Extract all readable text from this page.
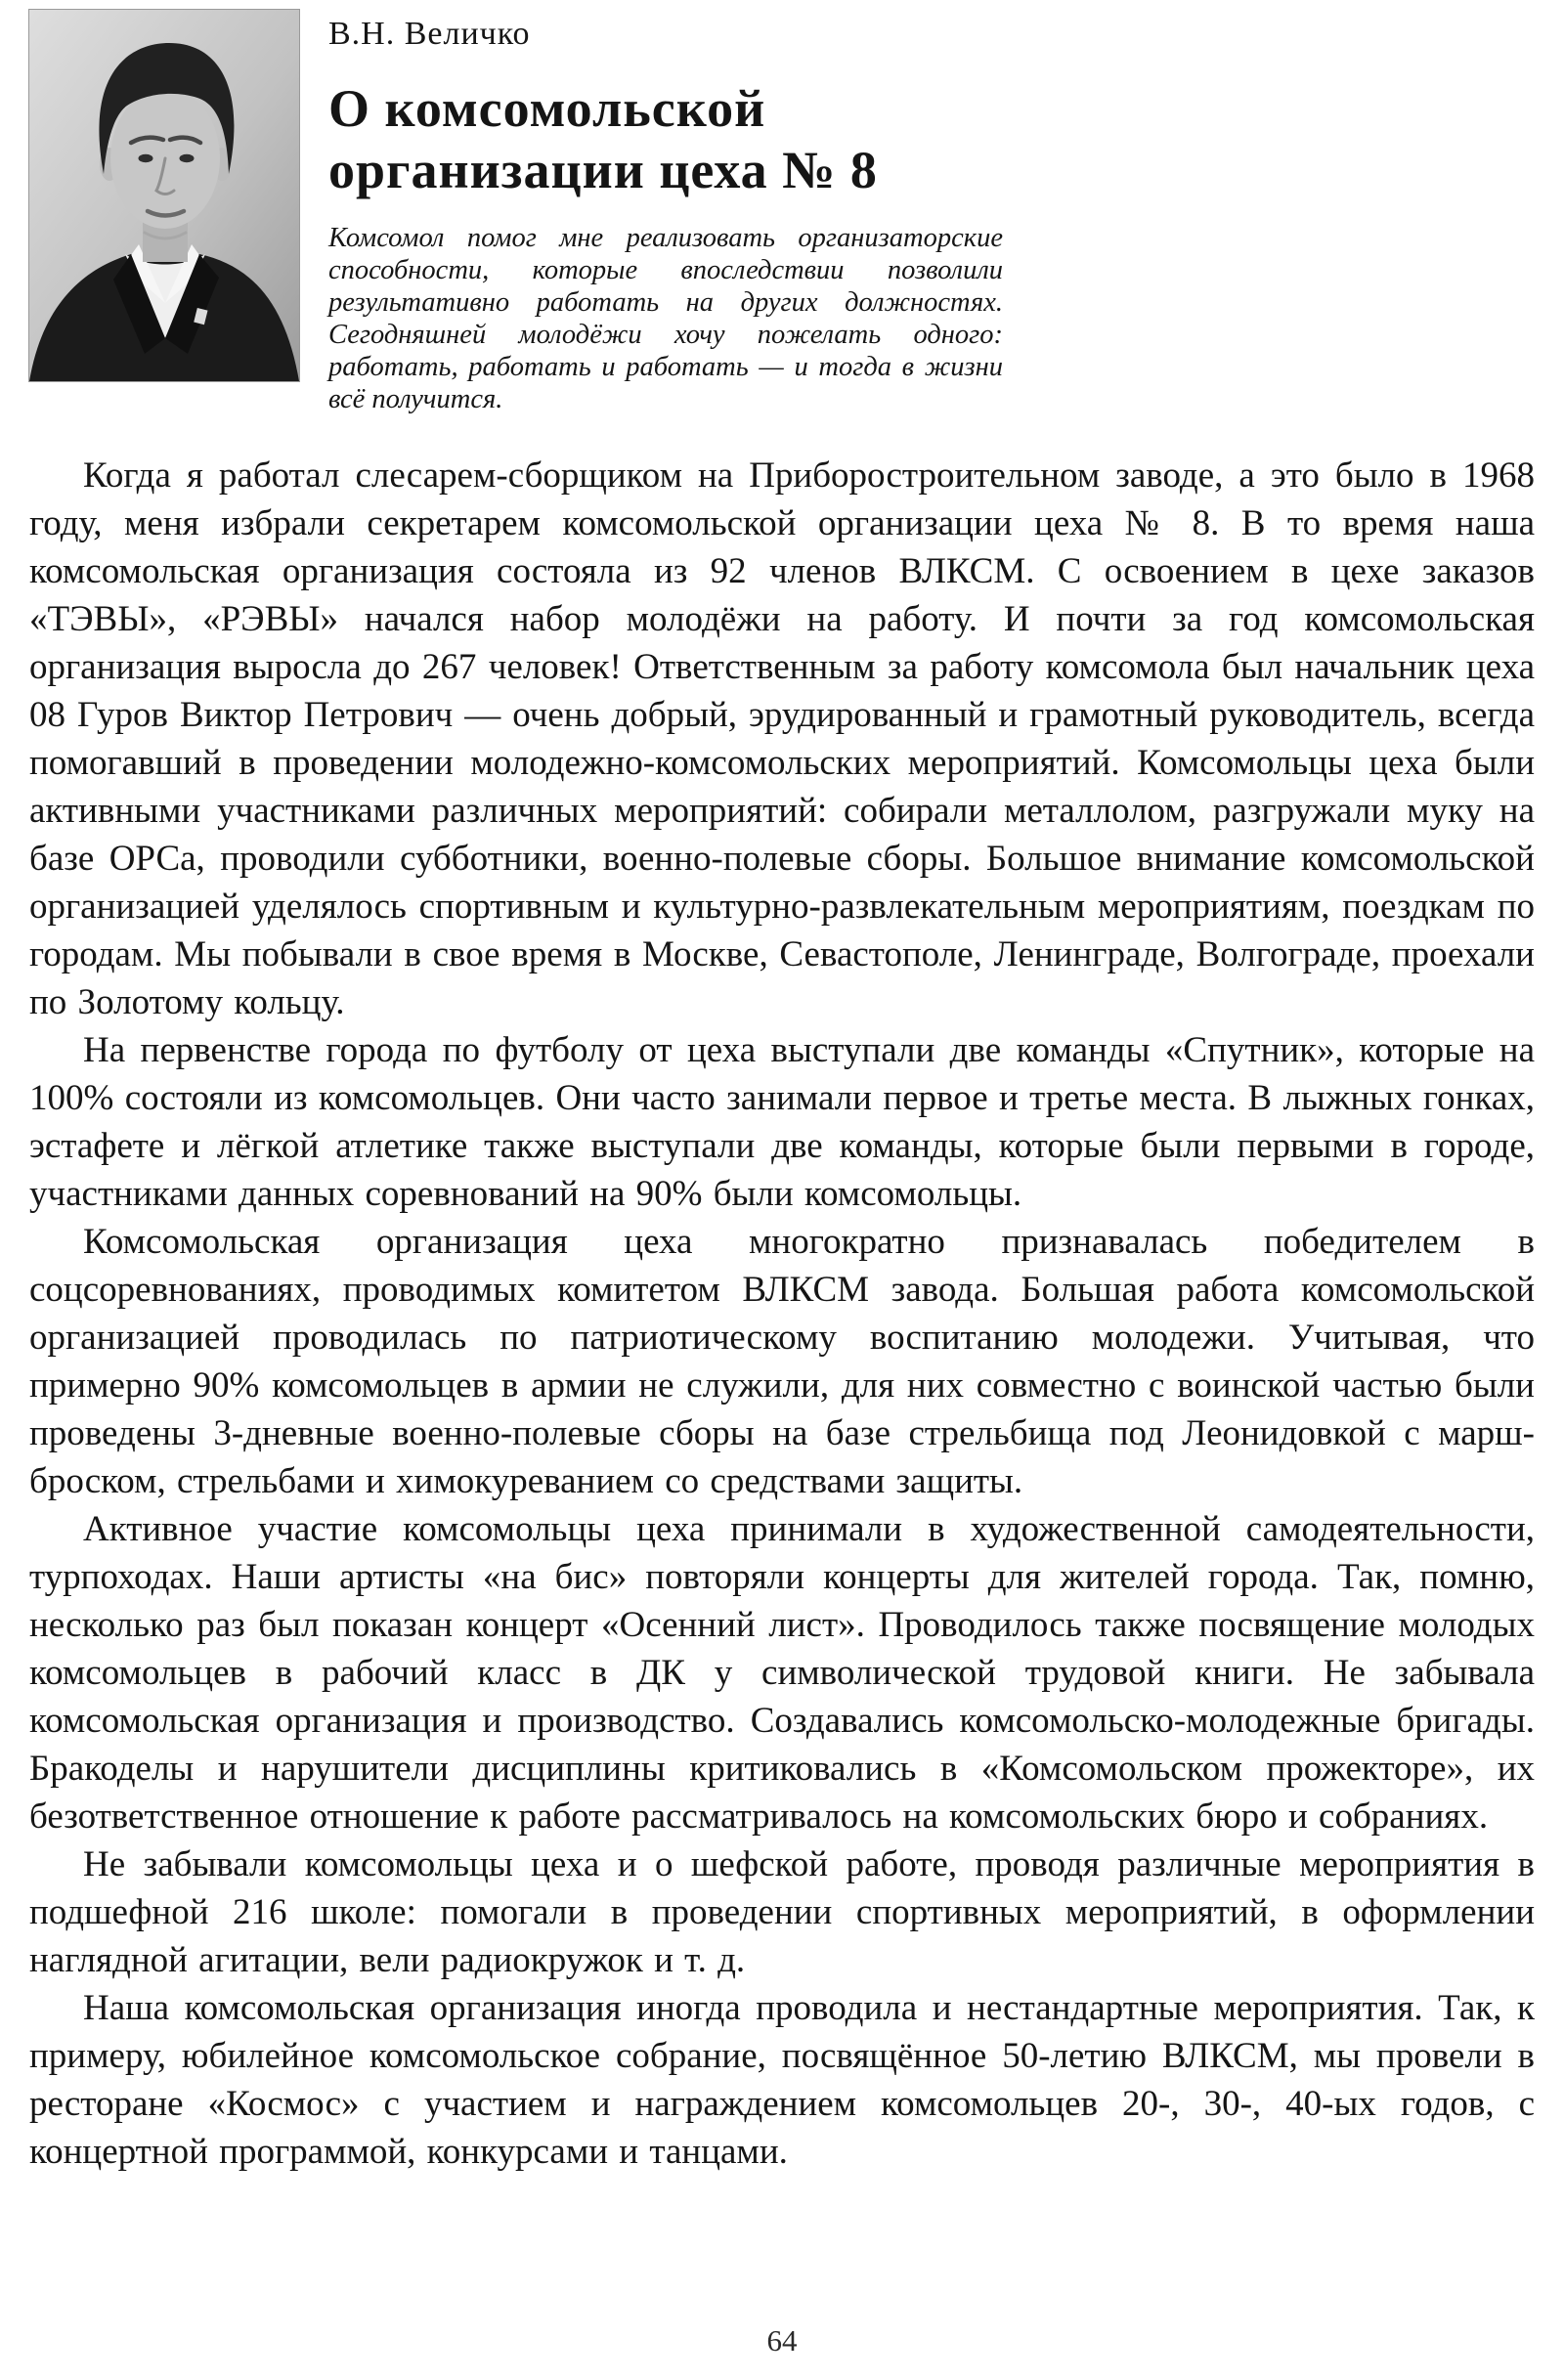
В.Н. Величко
О комсомольской
организации цеха № 8
Комсомол помог мне реализовать организаторские способности, которые впоследствии позволили результативно работать на других должностях. Сегодняшней молодёжи хочу пожелать одного: работать, работать и работать — и тогда в жизни всё получится.

Когда я работал слесарем-сборщиком на Приборостроительном заводе, а это было в 1968 году, меня избрали секретарем комсомольской организации цеха № 8. В то время наша комсомольская организация состояла из 92 членов ВЛКСМ. С освоением в цехе заказов «ТЭВЫ», «РЭВЫ» начался набор молодёжи на работу. И почти за год комсомольская организация выросла до 267 человек! Ответственным за работу комсомола был начальник цеха 08 Гуров Виктор Петрович — очень добрый, эрудированный и грамотный руководитель, всегда помогавший в проведении молодежно-комсомольских мероприятий. Комсомольцы цеха были активными участниками различных мероприятий: собирали металлолом, разгружали муку на базе ОРСа, проводили субботники, военно-полевые сборы. Большое внимание комсомольской организацией уделялось спортивным и культурно-развлекательным мероприятиям, поездкам по городам. Мы побывали в свое время в Москве, Севастополе, Ленинграде, Волгограде, проехали по Золотому кольцу.

На первенстве города по футболу от цеха выступали две команды «Спутник», которые на 100% состояли из комсомольцев. Они часто занимали первое и третье места. В лыжных гонках, эстафете и лёгкой атлетике также выступали две команды, которые были первыми в городе, участниками данных соревнований на 90% были комсомольцы.

Комсомольская организация цеха многократно признавалась победителем в соцсоревнованиях, проводимых комитетом ВЛКСМ завода. Большая работа комсомольской организацией проводилась по патриотическому воспитанию молодежи. Учитывая, что примерно 90% комсомольцев в армии не служили, для них совместно с воинской частью были проведены 3-дневные военно-полевые сборы на базе стрельбища под Леонидовкой с марш-броском, стрельбами и химокуреванием со средствами защиты.

Активное участие комсомольцы цеха принимали в художественной самодеятельности, турпоходах. Наши артисты «на бис» повторяли концерты для жителей города. Так, помню, несколько раз был показан концерт «Осенний лист». Проводилось также посвящение молодых комсомольцев в рабочий класс в ДК у символической трудовой книги. Не забывала комсомольская организация и производство. Создавались комсомольско-молодежные бригады. Бракоделы и нарушители дисциплины критиковались в «Комсомольском прожекторе», их безответственное отношение к работе рассматривалось на комсомольских бюро и собраниях.

Не забывали комсомольцы цеха и о шефской работе, проводя различные мероприятия в подшефной 216 школе: помогали в проведении спортивных мероприятий, в оформлении наглядной агитации, вели радиокружок и т. д.

Наша комсомольская организация иногда проводила и нестандартные мероприятия. Так, к примеру, юбилейное комсомольское собрание, посвящённое 50-летию ВЛКСМ, мы провели в ресторане «Космос» с участием и награждением комсомольцев 20-, 30-, 40-ых годов, с концертной программой, конкурсами и танцами.

64
